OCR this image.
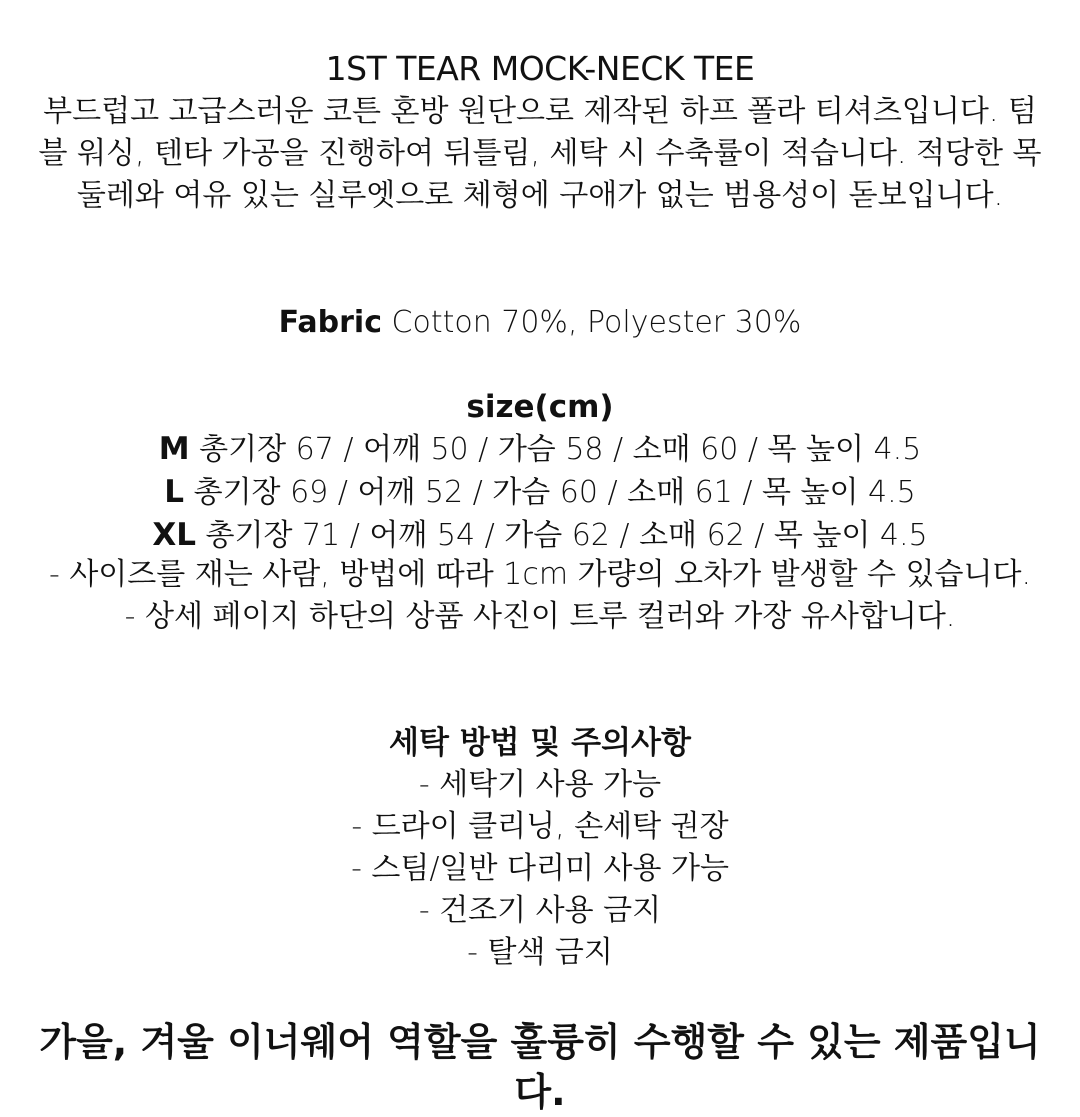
1ST TEAR MOCK-NECK TEE
부드럽고 고급스러운 코튼 혼방 원단으로 제작된 하프 폴라 티셔츠입니다. 텀블 워싱, 텐타 가공을 진행하여 뒤틀림, 세탁 시 수축률이 적습니다. 적당한 목둘레와 여유 있는 실루엣으로 체형에 구애가 없는 범용성이 돋보입니다.
Fabric Cotton 70%, Polyester 30%
size(cm)
M 총기장 67 / 어깨 50 / 가슴 58 / 소매 60 / 목 높이 4.5
L 총기장 69 / 어깨 52 / 가슴 60 / 소매 61 / 목 높이 4.5
XL 총기장 71 / 어깨 54 / 가슴 62 / 소매 62 / 목 높이 4.5
- 사이즈를 재는 사람, 방법에 따라 1cm 가량의 오차가 발생할 수 있습니다.
- 상세 페이지 하단의 상품 사진이 트루 컬러와 가장 유사합니다.
세탁 방법 및 주의사항
- 세탁기 사용 가능
- 드라이 클리닝, 손세탁 권장
- 스팀/일반 다리미 사용 가능
- 건조기 사용 금지
- 탈색 금지
가을, 겨울 이너웨어 역할을 훌륭히 수행할 수 있는 제품입니다.
